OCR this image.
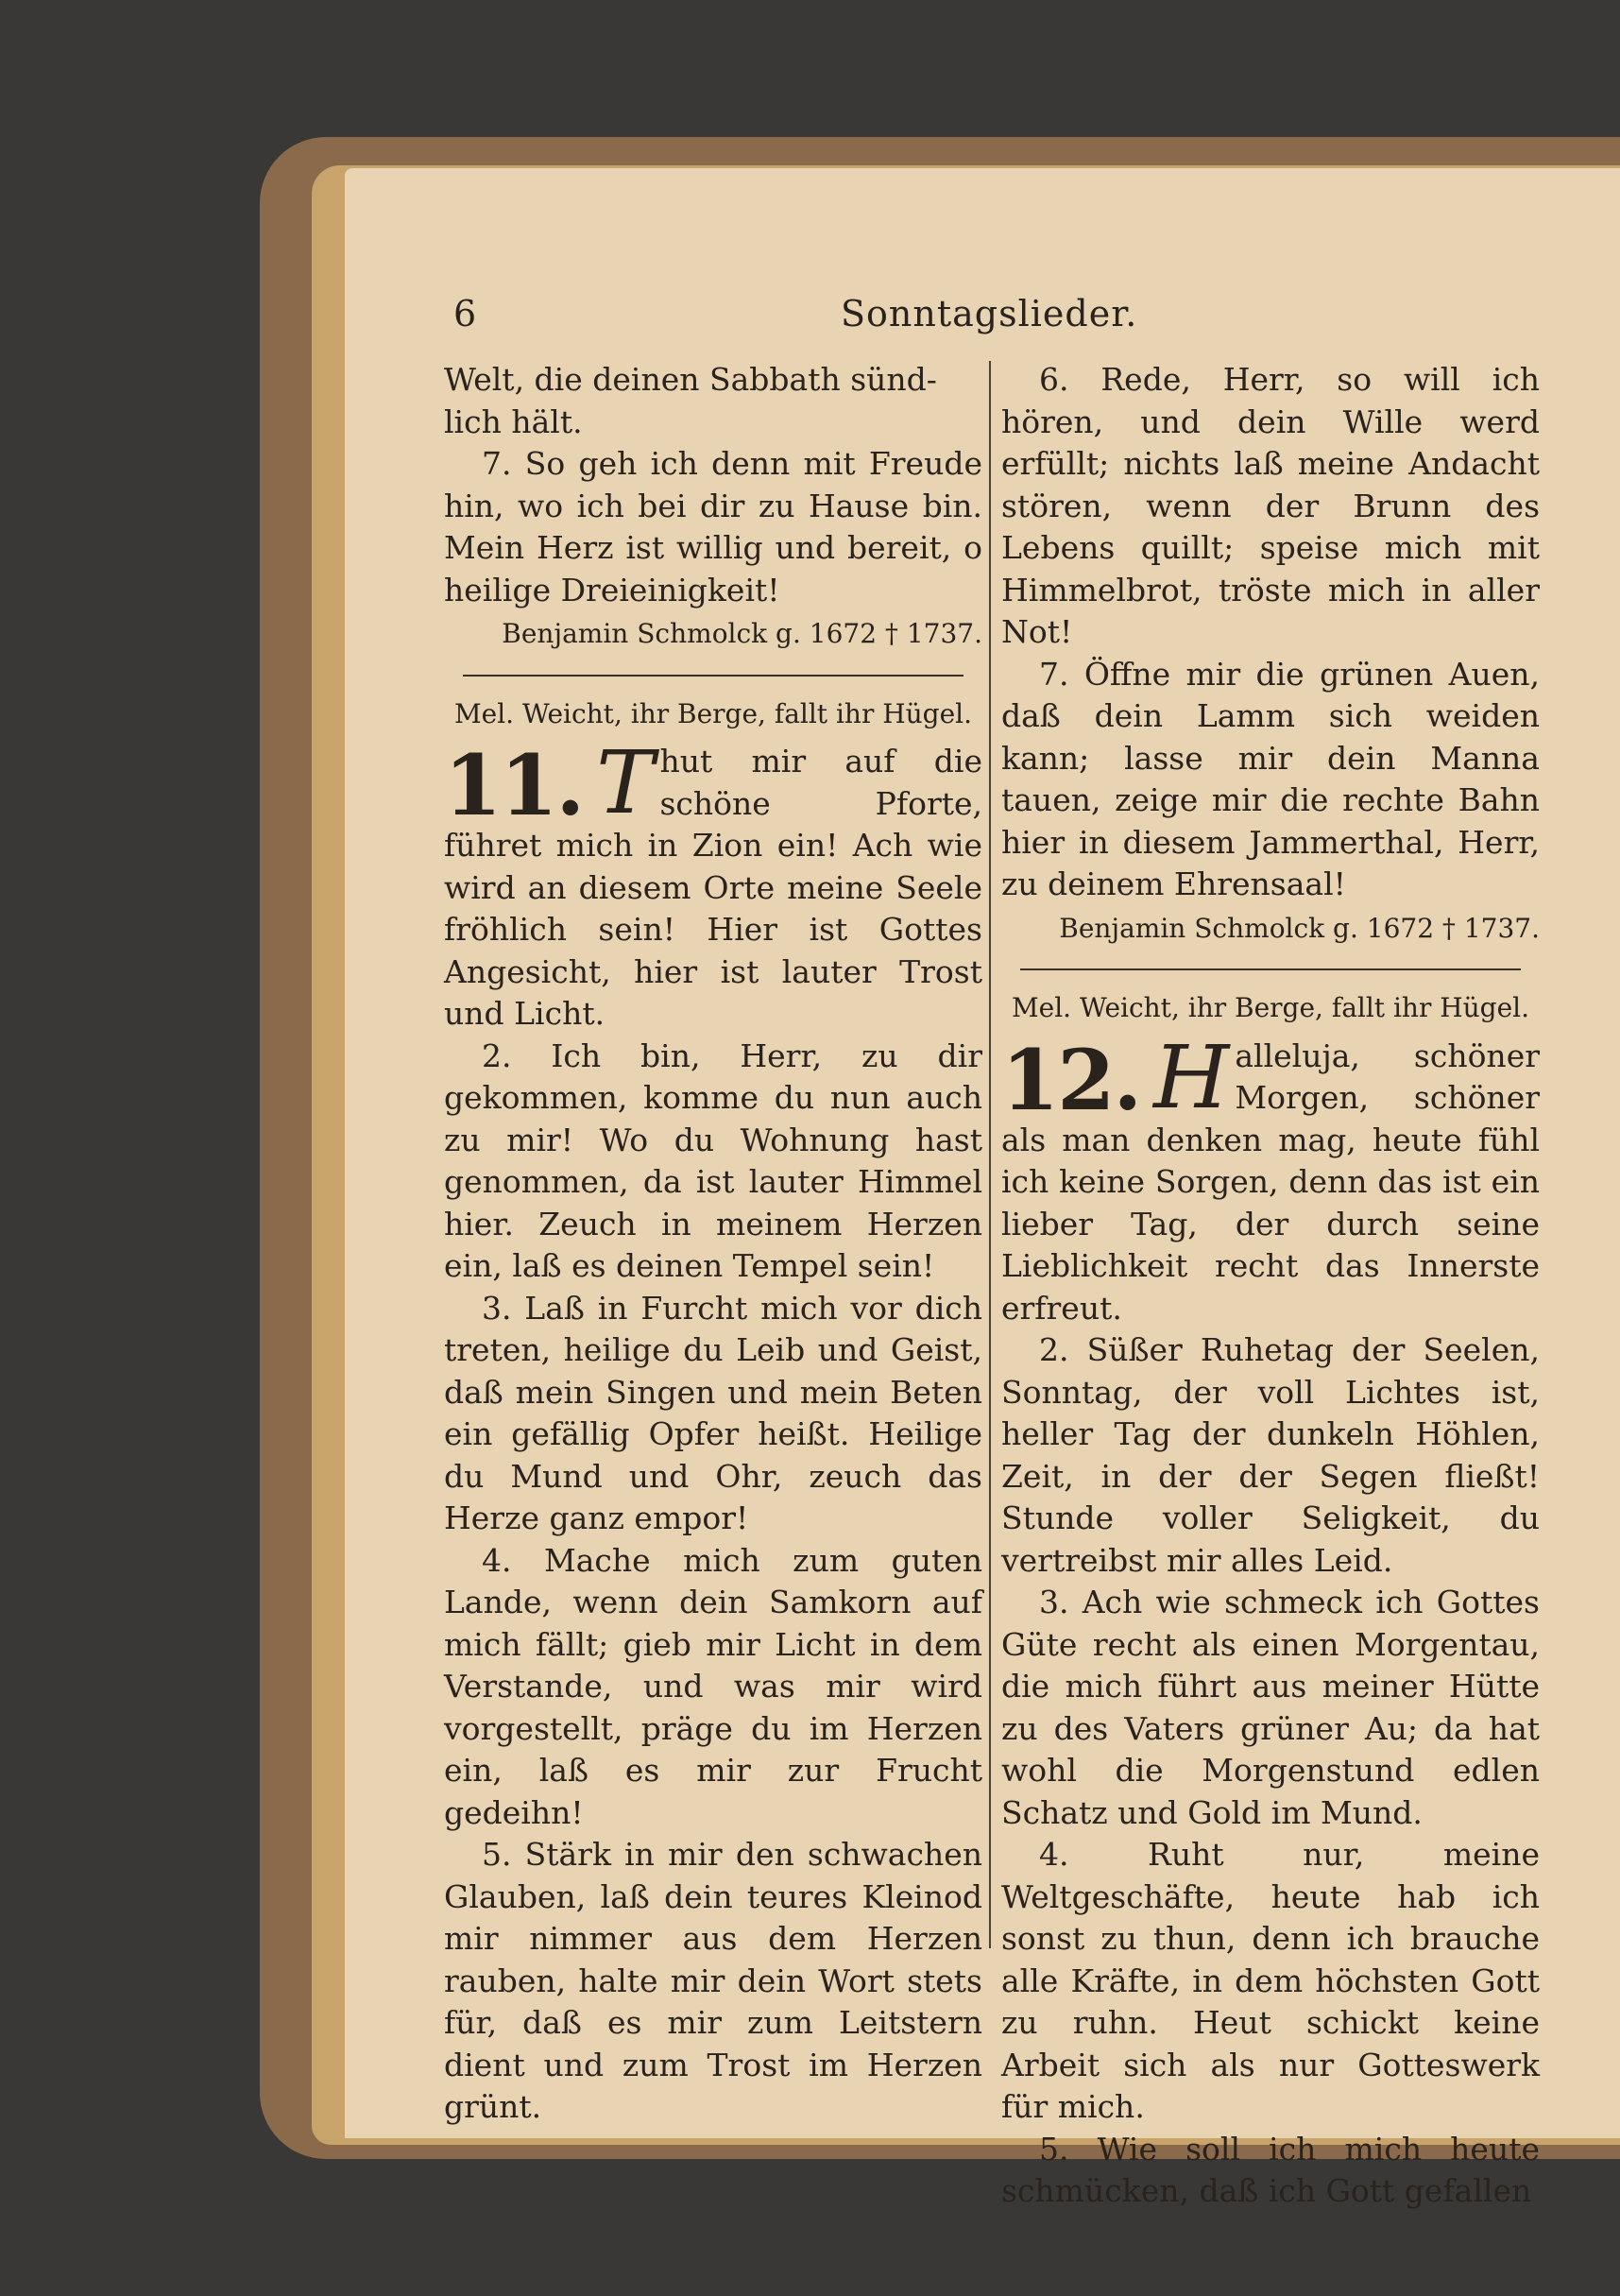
6	Sonntagslieder.

Welt, die deinen Sabbath sünd-

lich hält.

7. So geh ich denn mit Freude hin, wo ich bei dir zu Hause bin. Mein Herz ist willig und bereit, o heilige Dreieinigkeit!

Benjamin Schmolck g. 1672 † 1737.

Mel. Weicht, ihr Berge, fallt ihr Hügel.

11. T hut mir auf die schöne Pforte, führet mich in Zion ein! Ach wie wird an diesem Orte meine Seele fröhlich sein! Hier ist Gottes Angesicht, hier ist lauter Trost und Licht.

2. Ich bin, Herr, zu dir gekommen, komme du nun auch zu mir! Wo du Wohnung hast genommen, da ist lauter Himmel hier. Zeuch in meinem Herzen ein, laß es deinen Tempel sein!

3. Laß in Furcht mich vor dich treten, heilige du Leib und Geist, daß mein Singen und mein Beten ein gefällig Opfer heißt. Heilige du Mund und Ohr, zeuch das Herze ganz empor!

4. Mache mich zum guten Lande, wenn dein Samkorn auf mich fällt; gieb mir Licht in dem Verstande, und was mir wird vorgestellt, präge du im Herzen ein, laß es mir zur Frucht gedeihn!

5. Stärk in mir den schwachen Glauben, laß dein teures Kleinod mir nimmer aus dem Herzen rauben, halte mir dein Wort stets für, daß es mir zum Leitstern dient und zum Trost im Herzen grünt.

6. Rede, Herr, so will ich hören, und dein Wille werd erfüllt; nichts laß meine Andacht stören, wenn der Brunn des Lebens quillt; speise mich mit Himmelbrot, tröste mich in aller Not!

7. Öffne mir die grünen Auen, daß dein Lamm sich weiden kann; lasse mir dein Manna tauen, zeige mir die rechte Bahn hier in diesem Jammerthal, Herr, zu deinem Ehrensaal!

Benjamin Schmolck g. 1672 † 1737.

Mel. Weicht, ihr Berge, fallt ihr Hügel.

12. H alleluja, schöner Morgen, schöner als man denken mag, heute fühl ich keine Sorgen, denn das ist ein lieber Tag, der durch seine Lieblichkeit recht das Innerste erfreut.

2. Süßer Ruhetag der Seelen, Sonntag, der voll Lichtes ist, heller Tag der dunkeln Höhlen, Zeit, in der der Segen fließt! Stunde voller Seligkeit, du vertreibst mir alles Leid.

3. Ach wie schmeck ich Gottes Güte recht als einen Morgentau, die mich führt aus meiner Hütte zu des Vaters grüner Au; da hat wohl die Morgenstund edlen Schatz und Gold im Mund.

4. Ruht nur, meine Weltgeschäfte, heute hab ich sonst zu thun, denn ich brauche alle Kräfte, in dem höchsten Gott zu ruhn. Heut schickt keine Arbeit sich als nur Gotteswerk für mich.

5. Wie soll ich mich heute schmücken, daß ich Gott gefallen
